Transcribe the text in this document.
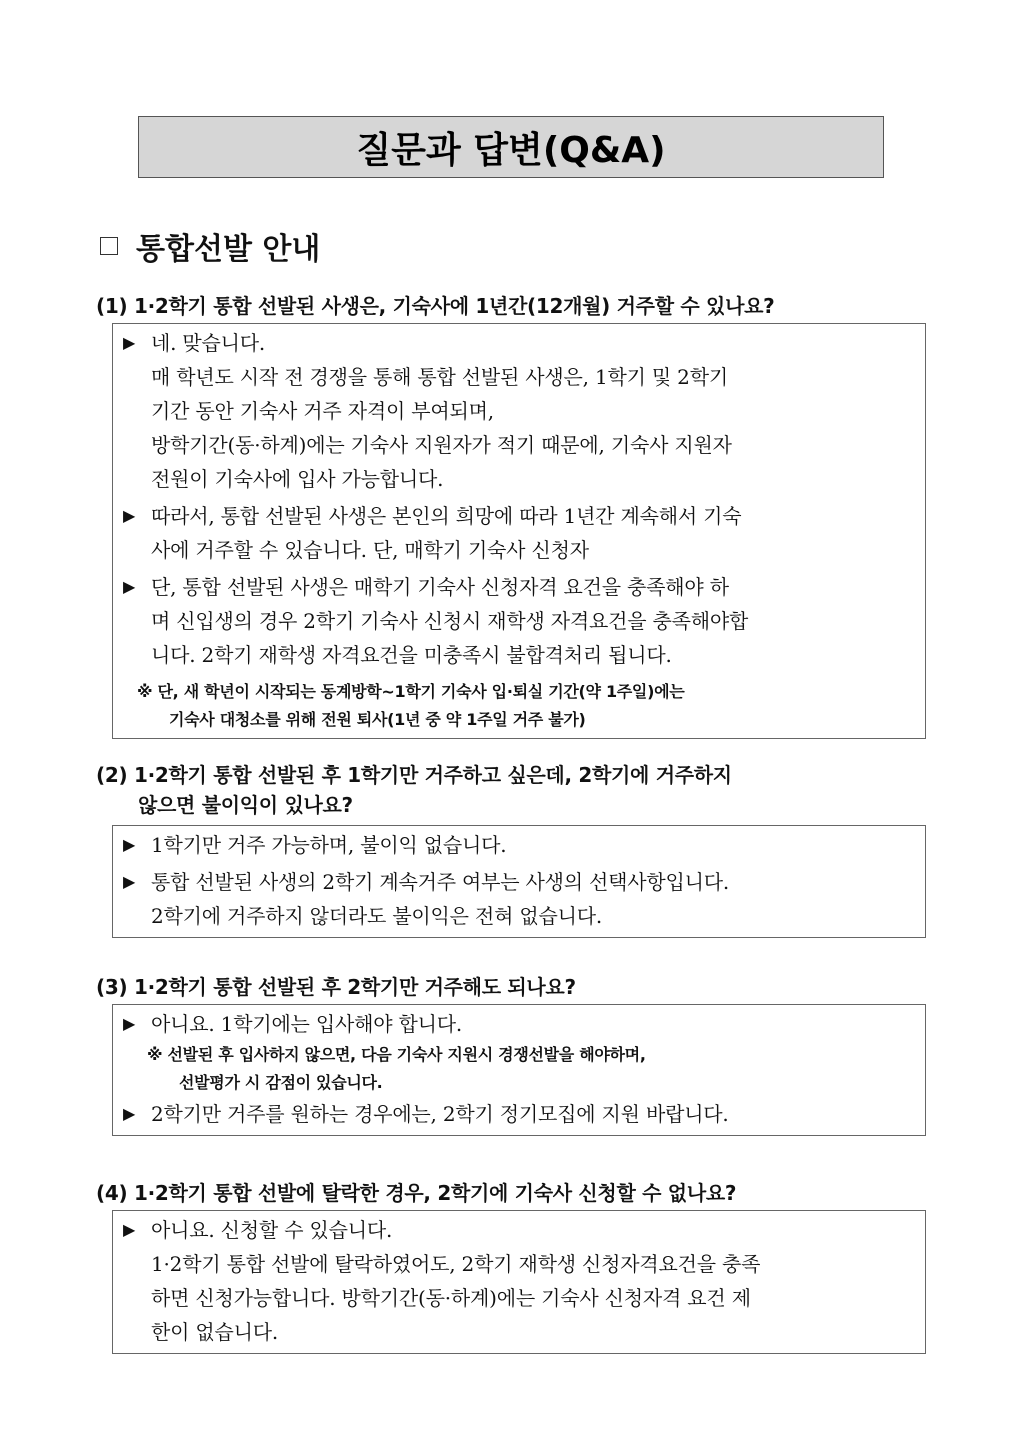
질문과 답변(Q&A)
통합선발 안내
(1) 1·2학기 통합 선발된 사생은, 기숙사에 1년간(12개월) 거주할 수 있나요?
▶ 네. 맞습니다.
매 학년도 시작 전 경쟁을 통해 통합 선발된 사생은, 1학기 및 2학기
기간 동안 기숙사 거주 자격이 부여되며,
방학기간(동·하계)에는 기숙사 지원자가 적기 때문에, 기숙사 지원자
전원이 기숙사에 입사 가능합니다.
▶ 따라서, 통합 선발된 사생은 본인의 희망에 따라 1년간 계속해서 기숙
사에 거주할 수 있습니다. 단, 매학기 기숙사 신청자
▶ 단, 통합 선발된 사생은 매학기 기숙사 신청자격 요건을 충족해야 하
며 신입생의 경우 2학기 기숙사 신청시 재학생 자격요건을 충족해야합
니다. 2학기 재학생 자격요건을 미충족시 불합격처리 됩니다.
※ 단, 새 학년이 시작되는 동계방학~1학기 기숙사 입·퇴실 기간(약 1주일)에는
기숙사 대청소를 위해 전원 퇴사(1년 중 약 1주일 거주 불가)
(2) 1·2학기 통합 선발된 후 1학기만 거주하고 싶은데, 2학기에 거주하지
않으면 불이익이 있나요?
▶ 1학기만 거주 가능하며, 불이익 없습니다.
▶ 통합 선발된 사생의 2학기 계속거주 여부는 사생의 선택사항입니다.
2학기에 거주하지 않더라도 불이익은 전혀 없습니다.
(3) 1·2학기 통합 선발된 후 2학기만 거주해도 되나요?
▶ 아니요. 1학기에는 입사해야 합니다.
※ 선발된 후 입사하지 않으면, 다음 기숙사 지원시 경쟁선발을 해야하며,
선발평가 시 감점이 있습니다.
▶ 2학기만 거주를 원하는 경우에는, 2학기 정기모집에 지원 바랍니다.
(4) 1·2학기 통합 선발에 탈락한 경우, 2학기에 기숙사 신청할 수 없나요?
▶ 아니요. 신청할 수 있습니다.
1·2학기 통합 선발에 탈락하였어도, 2학기 재학생 신청자격요건을 충족
하면 신청가능합니다. 방학기간(동·하계)에는 기숙사 신청자격 요건 제
한이 없습니다.
